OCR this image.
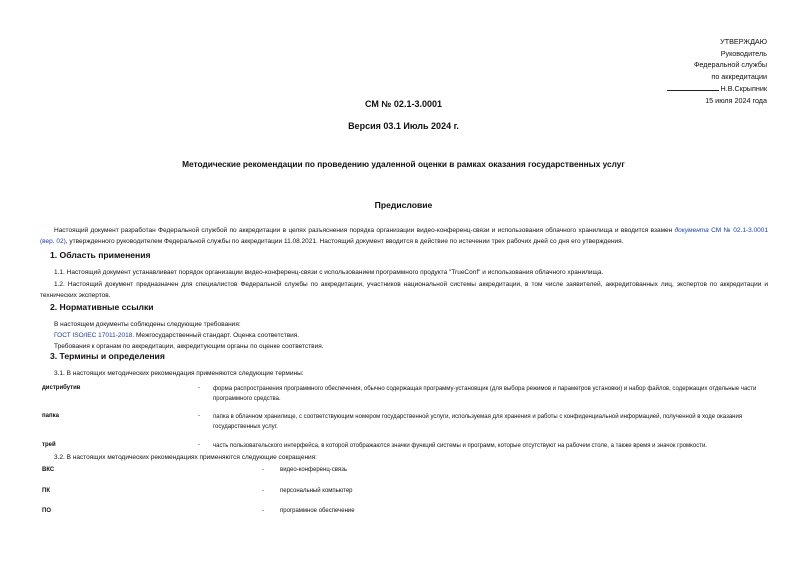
УТВЕРЖДАЮ
Руководитель
Федеральной службы
по аккредитации
Н.В.Скрыпник
15 июля 2024 года
СМ № 02.1-3.0001
Версия 03.1 Июль 2024 г.
Методические рекомендации по проведению удаленной оценки в рамках оказания государственных услуг
Предисловие
Настоящий документ разработан Федеральной службой по аккредитации в целях разъяснения порядка организации видео-конференц-связи и использования облачного хранилища и вводится взамен документа СМ № 02.1-3.0001 (вер. 02), утвержденного руководителем Федеральной службы по аккредитации 11.08.2021. Настоящий документ вводится в действие по истечении трех рабочих дней со дня его утверждения.
1. Область применения
1.1. Настоящий документ устанавливает порядок организации видео-конференц-связи с использованием программного продукта "TrueConf" и использования облачного хранилища.
1.2. Настоящий документ предназначен для специалистов Федеральной службы по аккредитации, участников национальной системы аккредитации, в том числе заявителей, аккредитованных лиц, экспертов по аккредитации и технических экспертов.
2. Нормативные ссылки
В настоящем документы соблюдены следующие требования:
ГОСТ ISO/IEC 17011-2018. Межгосударственный стандарт. Оценка соответствия.
Требования к органам по аккредитации, аккредитующим органы по оценке соответствия.
3. Термины и определения
3.1. В настоящих методических рекомендация применяются следующие термины:
дистрибутив	- форма распространения программного обеспечения, обычно содержащая программу-установщик (для выбора режимов и параметров установки) и набор файлов, содержащих отдельные части программного средства.
папка	- папка в облачном хранилище, с соответствующим номером государственной услуги, используемая для хранения и работы с конфиденциальной информацией, полученной в ходе оказания государственных услуг.
трей	- часть пользовательского интерфейса, в которой отображаются значки функций системы и программ, которые отсутствуют на рабочем столе, а также время и значок громкости.
3.2. В настоящих методических рекомендациях применяются следующие сокращения:
ВКС	-	видео-конференц-связь
ПК	-	персональный компьютер
ПО	-	программное обеспечение
